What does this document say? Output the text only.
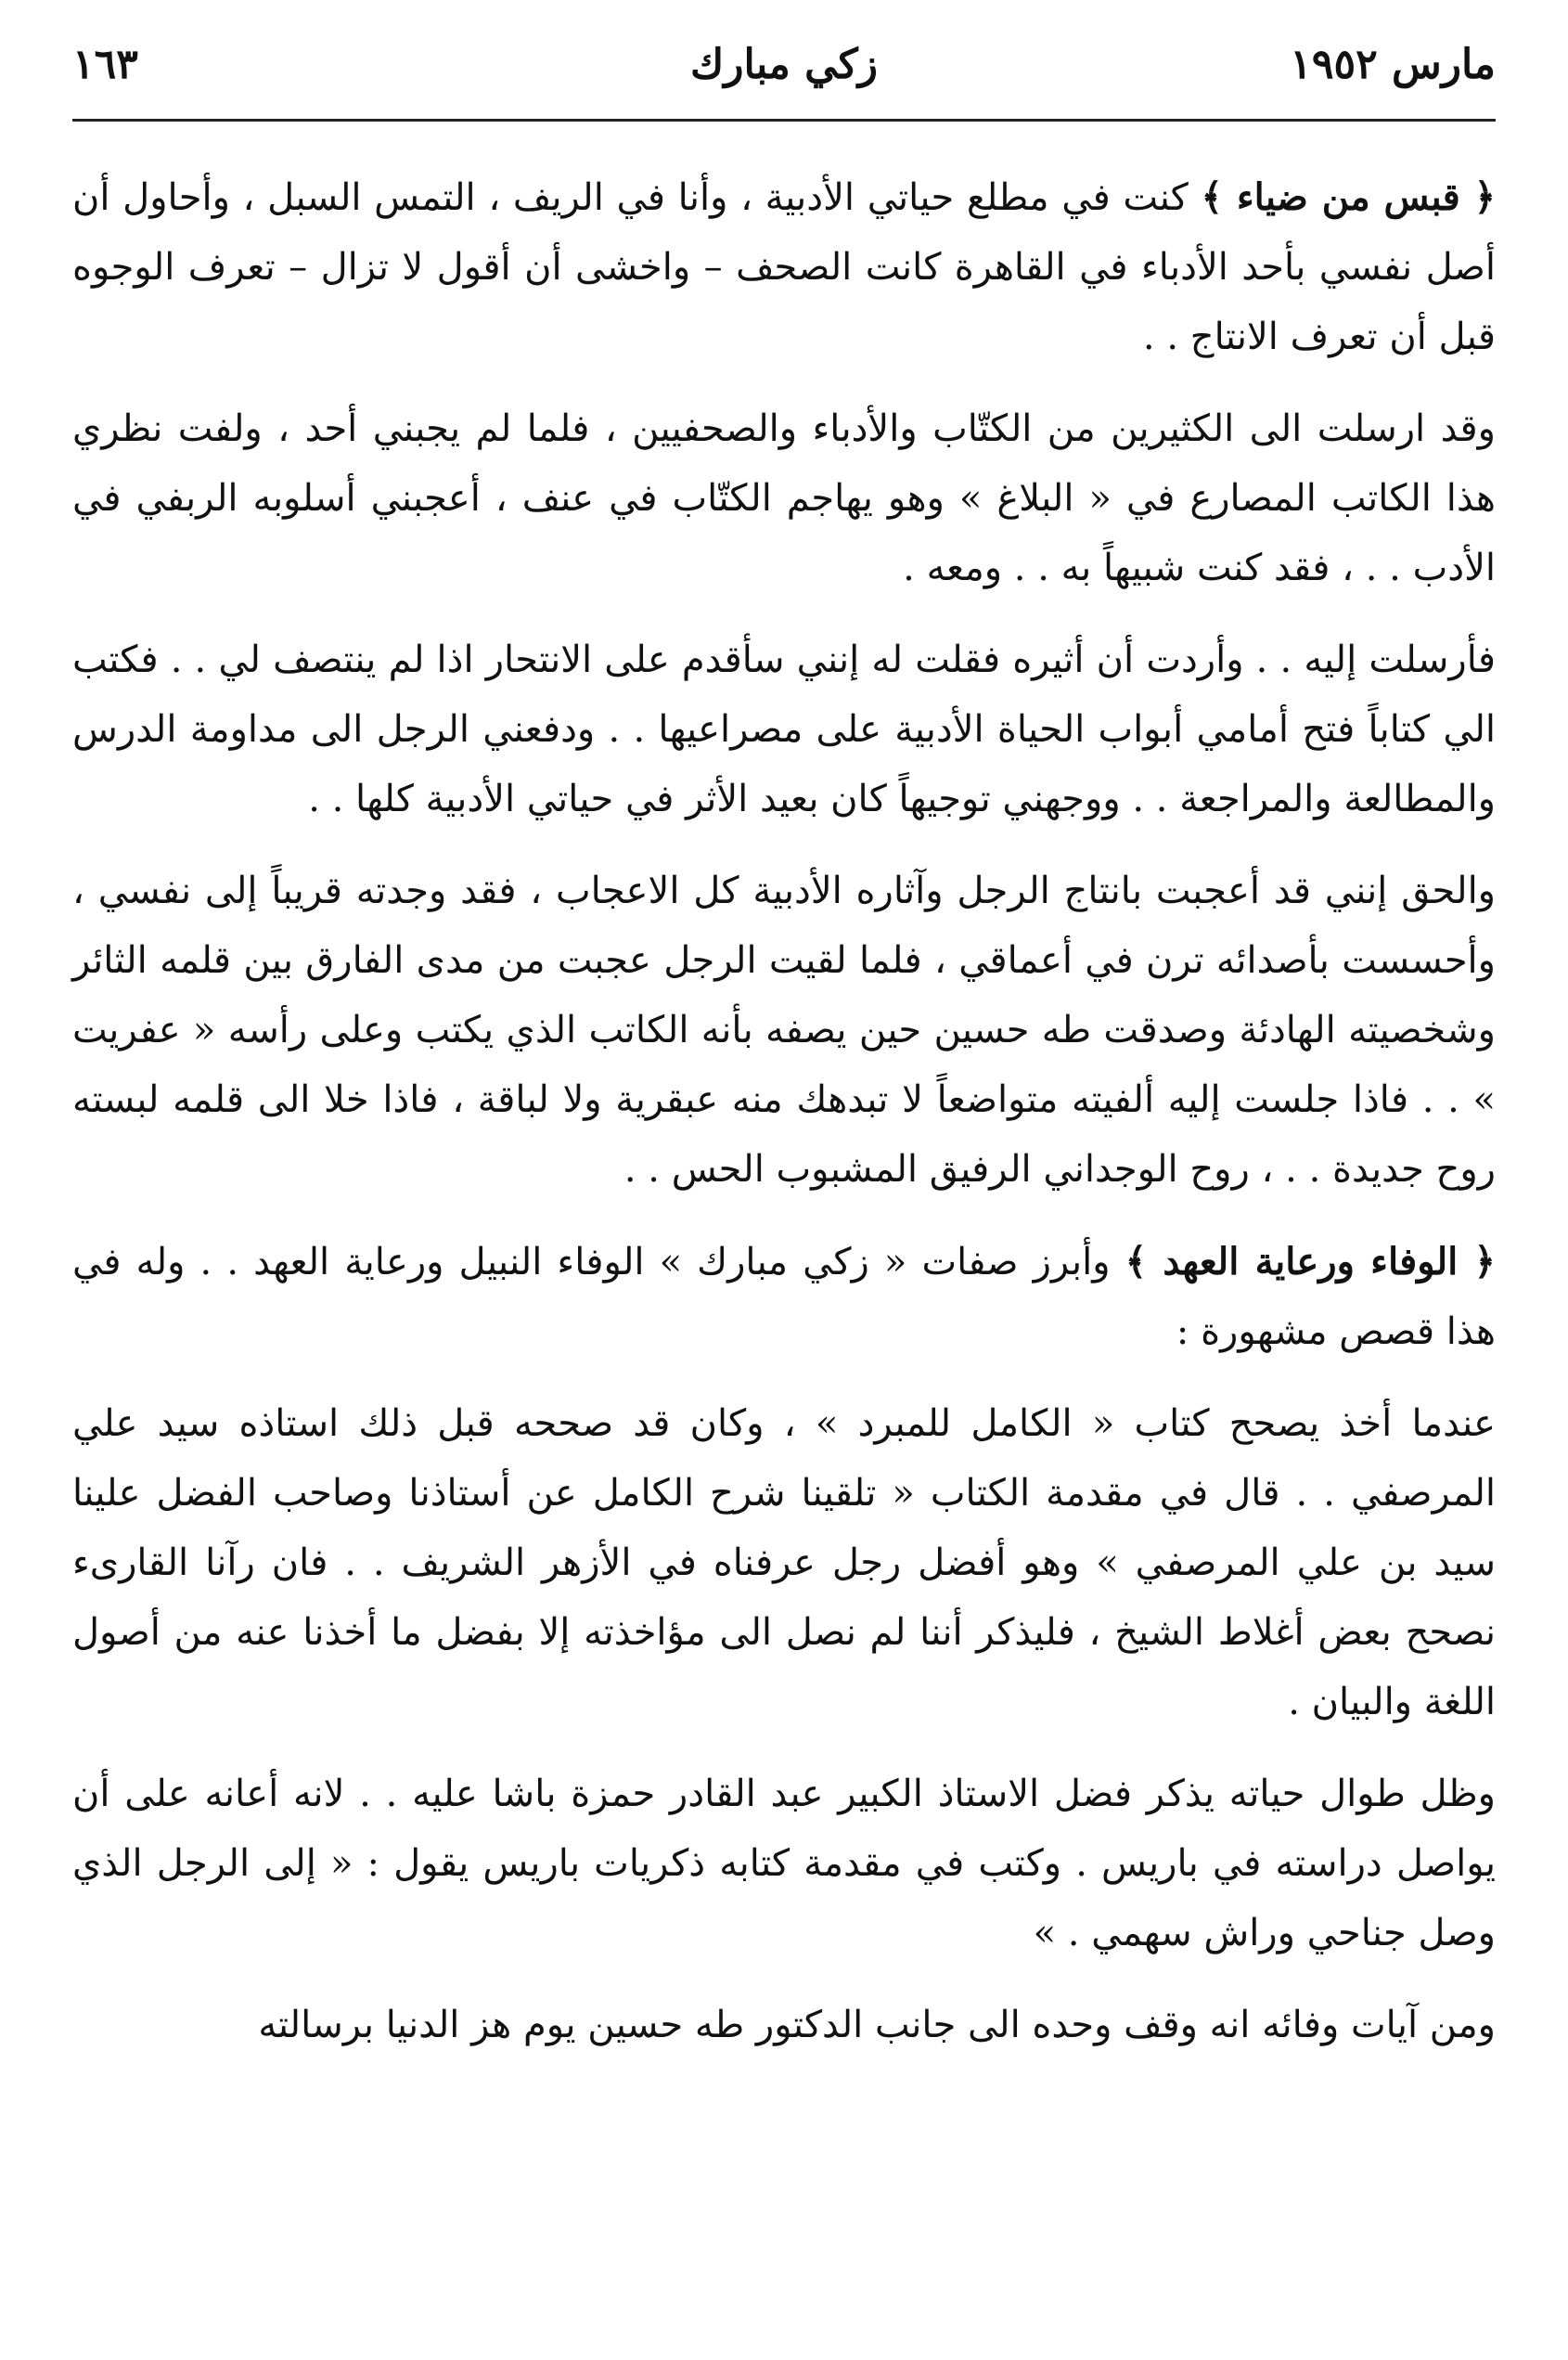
مارس ١٩٥٢
زكي مبارك
١٦٣

﴿ قبس من ضياء ﴾ كنت في مطلع حياتي الأدبية ، وأنا في الريف ، التمس السبل ، وأحاول أن أصل نفسي بأحد الأدباء في القاهرة كانت الصحف – واخشى أن أقول لا تزال – تعرف الوجوه قبل أن تعرف الانتاج . .

وقد ارسلت الى الكثيرين من الكتّاب والأدباء والصحفيين ، فلما لم يجبني أحد ، ولفت نظري هذا الكاتب المصارع في « البلاغ » وهو يهاجم الكتّاب في عنف ، أعجبني أسلوبه الربفي في الأدب . . ، فقد كنت شبيهاً به . . ومعه .

فأرسلت إليه . . وأردت أن أثيره فقلت له إنني سأقدم على الانتحار اذا لم ينتصف لي . . فكتب الي كتاباً فتح أمامي أبواب الحياة الأدبية على مصراعيها . . ودفعني الرجل الى مداومة الدرس والمطالعة والمراجعة . . ووجهني توجيهاً كان بعيد الأثر في حياتي الأدبية كلها . .

والحق إنني قد أعجبت بانتاج الرجل وآثاره الأدبية كل الاعجاب ، فقد وجدته قريباً إلى نفسي ، وأحسست بأصدائه ترن في أعماقي ، فلما لقيت الرجل عجبت من مدى الفارق بين قلمه الثائر وشخصيته الهادئة وصدقت طه حسين حين يصفه بأنه الكاتب الذي يكتب وعلى رأسه « عفريت » . . فاذا جلست إليه ألفيته متواضعاً لا تبدهك منه عبقرية ولا لباقة ، فاذا خلا الى قلمه لبسته روح جديدة . . ، روح الوجداني الرفيق المشبوب الحس . .

﴿ الوفاء ورعاية العهد ﴾ وأبرز صفات « زكي مبارك » الوفاء النبيل ورعاية العهد . . وله في هذا قصص مشهورة :

عندما أخذ يصحح كتاب « الكامل للمبرد » ، وكان قد صححه قبل ذلك استاذه سيد علي المرصفي . . قال في مقدمة الكتاب « تلقينا شرح الكامل عن أستاذنا وصاحب الفضل علينا سيد بن علي المرصفي » وهو أفضل رجل عرفناه في الأزهر الشريف . . فان رآنا القارىء نصحح بعض أغلاط الشيخ ، فليذكر أننا لم نصل الى مؤاخذته إلا بفضل ما أخذنا عنه من أصول اللغة والبيان .

وظل طوال حياته يذكر فضل الاستاذ الكبير عبد القادر حمزة باشا عليه . . لانه أعانه على أن يواصل دراسته في باريس . وكتب في مقدمة كتابه ذكريات باريس يقول : « إلى الرجل الذي وصل جناحي وراش سهمي . »

ومن آيات وفائه انه وقف وحده الى جانب الدكتور طه حسين يوم هز الدنيا برسالته
